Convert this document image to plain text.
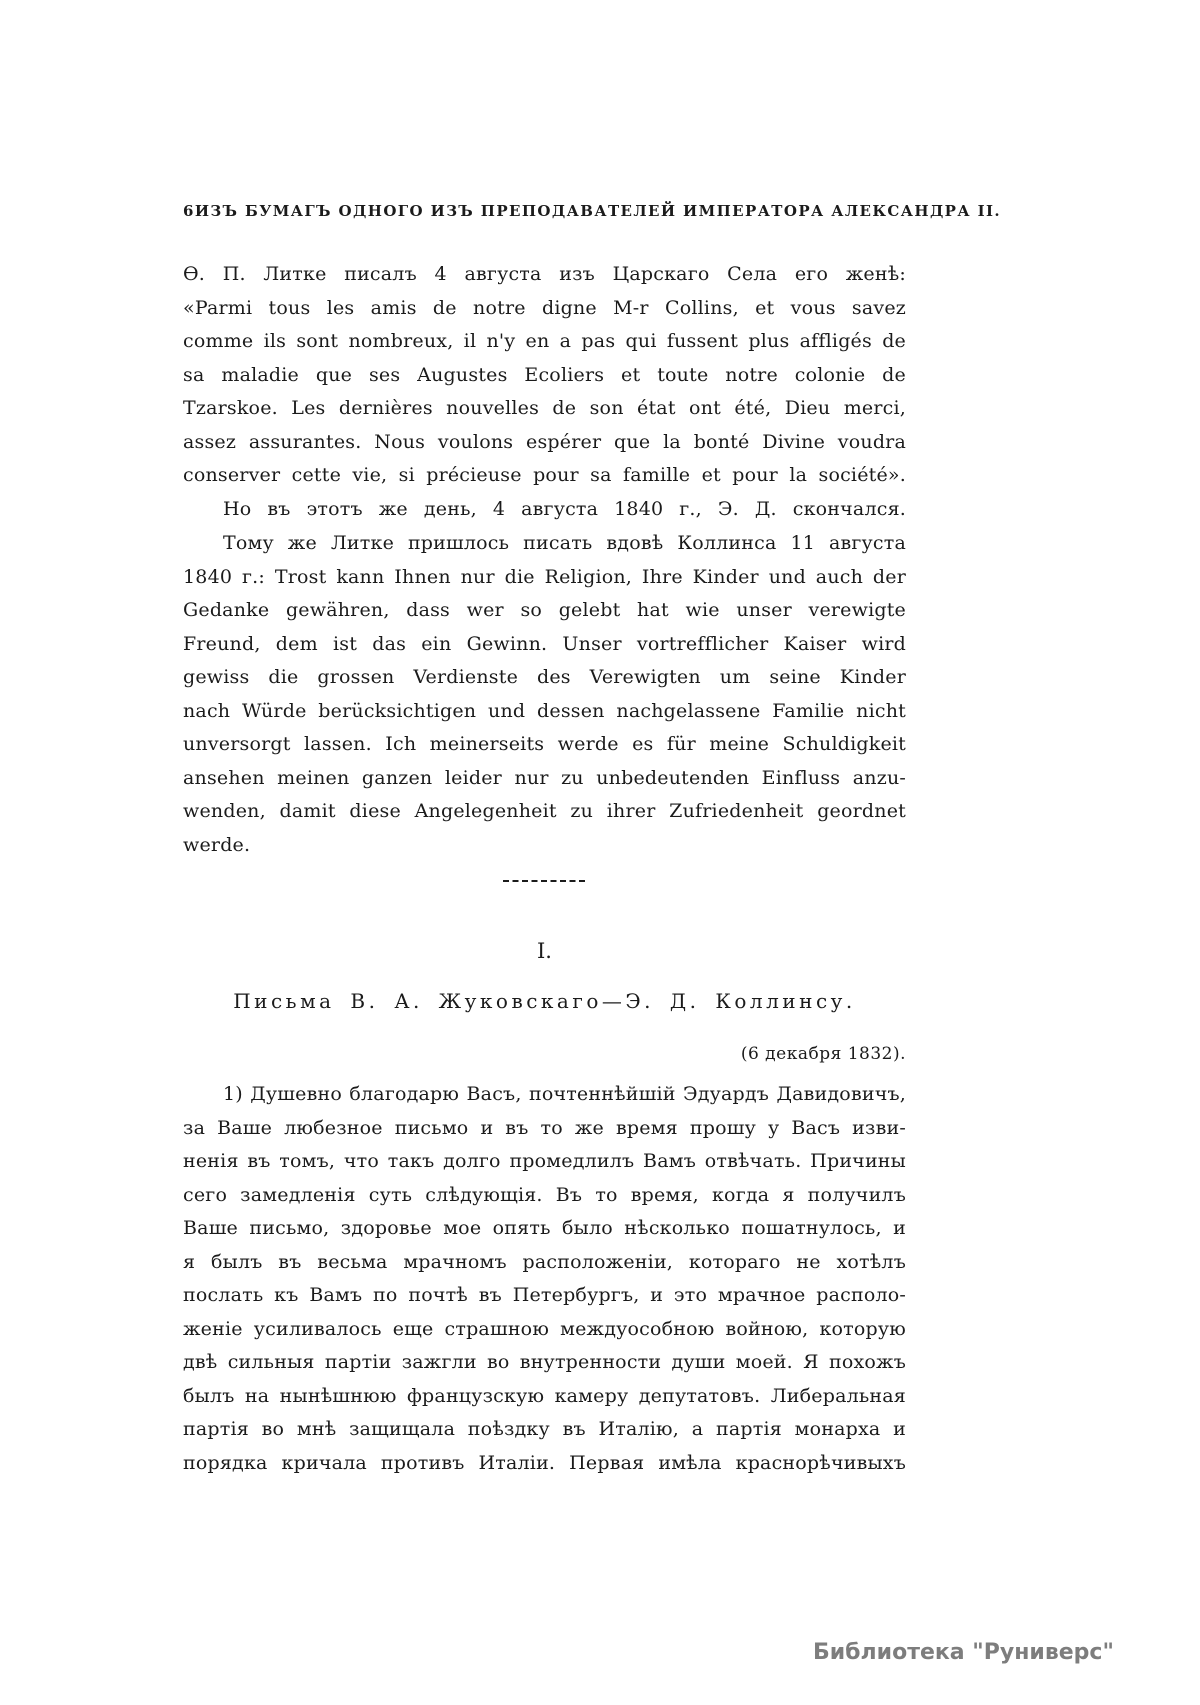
6 ИЗЪ БУМАГЪ ОДНОГО ИЗЪ ПРЕПОДАВАТЕЛЕЙ ИМПЕРАТОРА АЛЕКСАНДРА II.
Ѳ. П. Литке писалъ 4 августа изъ Царскаго Села его женѣ:
«Parmi tous les amis de notre digne M-r Collins, et vous savez
comme ils sont nombreux, il n'y en a pas qui fussent plus affligés de
sa maladie que ses Augustes Ecoliers et toute notre colonie de
Tzarskoe. Les dernières nouvelles de son état ont été, Dieu merci,
assez assurantes. Nous voulons espérer que la bonté Divine voudra
conserver cette vie, si précieuse pour sa famille et pour la société».
Но въ этотъ же день, 4 августа 1840 г., Э. Д. скончался.
Тому же Литке пришлось писать вдовѣ Коллинса 11 августа
1840 г.: Trost kann Ihnen nur die Religion, Ihre Kinder und auch der
Gedanke gewähren, dass wer so gelebt hat wie unser verewigte
Freund, dem ist das ein Gewinn. Unser vortrefflicher Kaiser wird
gewiss die grossen Verdienste des Verewigten um seine Kinder
nach Würde berücksichtigen und dessen nachgelassene Familie nicht
unversorgt lassen. Ich meinerseits werde es für meine Schuldigkeit
ansehen meinen ganzen leider nur zu unbedeutenden Einfluss anzu-
wenden, damit diese Angelegenheit zu ihrer Zufriedenheit geordnet
werde.
I.
Письма В. А. Жуковскаго—Э. Д. Коллинсу.
(6 декабря 1832).
1) Душевно благодарю Васъ, почтеннѣйшій Эдуардъ Давидовичъ,
за Ваше любезное письмо и въ то же время прошу у Васъ изви-
ненія въ томъ, что такъ долго промедлилъ Вамъ отвѣчать. Причины
сего замедленія суть слѣдующія. Въ то время, когда я получилъ
Ваше письмо, здоровье мое опять было нѣсколько пошатнулось, и
я былъ въ весьма мрачномъ расположеніи, котораго не хотѣлъ
послать къ Вамъ по почтѣ въ Петербургъ, и это мрачное располо-
женіе усиливалось еще страшною междуособною войною, которую
двѣ сильныя партіи зажгли во внутренности души моей. Я похожъ
былъ на нынѣшнюю французскую камеру депутатовъ. Либеральная
партія во мнѣ защищала поѣздку въ Италію, а партія монарха и
порядка кричала противъ Италіи. Первая имѣла краснорѣчивыхъ
Библиотека "Руниверс"
